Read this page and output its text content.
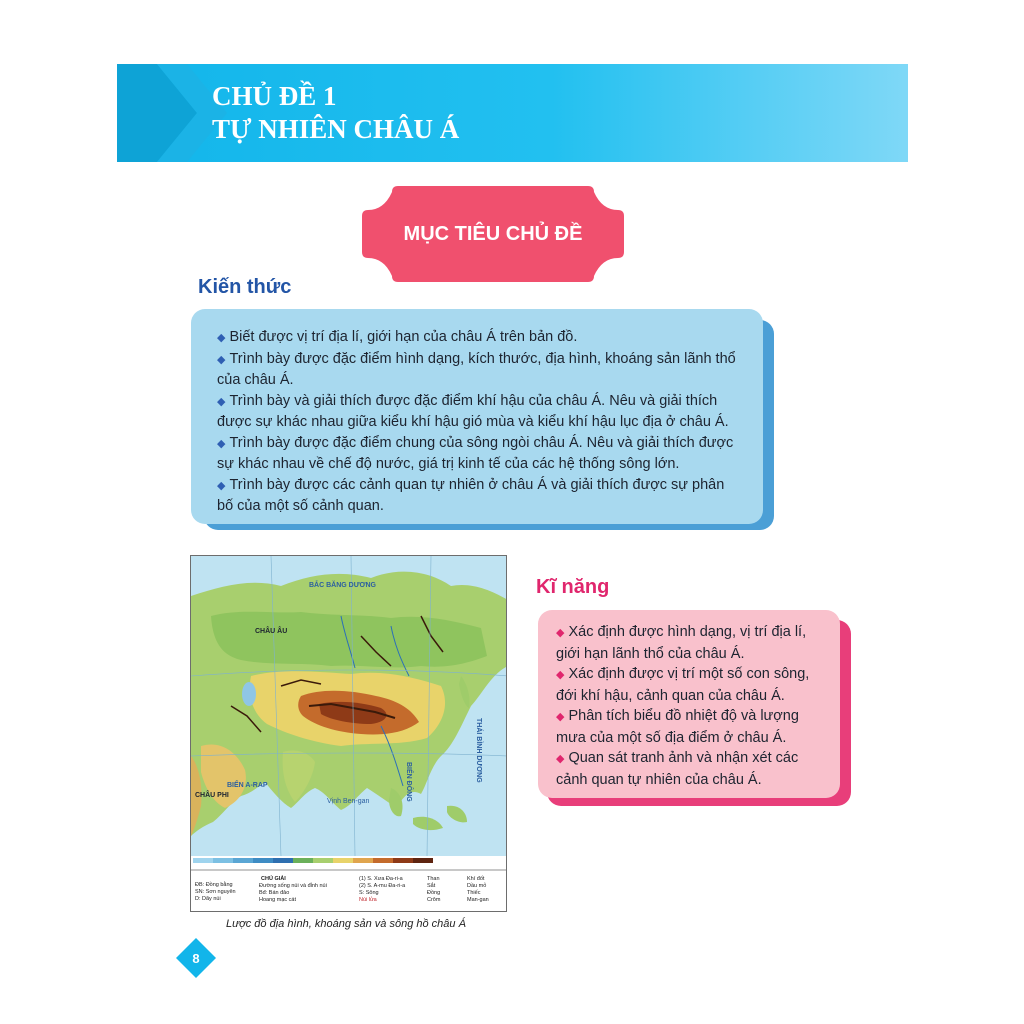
CHỦ ĐỀ 1
TỰ NHIÊN CHÂU Á
MỤC TIÊU CHỦ ĐỀ
Kiến thức

◆ Biết được vị trí địa lí, giới hạn của châu Á trên bản đồ.

◆ Trình bày được đặc điểm hình dạng, kích thước, địa hình, khoáng sản lãnh thổ của châu Á.

◆ Trình bày và giải thích được đặc điểm khí hậu của châu Á. Nêu và giải thích được sự khác nhau giữa kiểu khí hậu gió mùa và kiểu khí hậu lục địa ở châu Á.

◆ Trình bày được đặc điểm chung của sông ngòi châu Á. Nêu và giải thích được sự khác nhau về chế độ nước, giá trị kinh tế của các hệ thống sông lớn.

◆ Trình bày được các cảnh quan tự nhiên ở châu Á và giải thích được sự phân bố của một số cảnh quan.

BẮC BĂNG DƯƠNG
CHÂU ÂU
CHÂU PHI
BIỂN A-RAP
Vịnh Ben-gan
THÁI BÌNH DƯƠNG
BIỂN ĐÔNG
CHÚ GIẢI
ĐB: Đồng bằng
SN: Sơn nguyên
D: Dãy núi
Đường sống núi và đỉnh núi
Bđ: Bán đảo
Hoang mạc cát
(1) S. Xưa Đa-ri-a
(2) S. A-mu Đa-ri-a
S: Sông
Núi lửa
Than
Sắt
Đồng
Crôm
Khí đốt
Dầu mỏ
Thiếc
Man-gan
Lược đồ địa hình, khoáng sản và sông hồ châu Á
Kĩ năng

◆ Xác định được hình dạng, vị trí địa lí, giới hạn lãnh thổ của châu Á.

◆ Xác định được vị trí một số con sông, đới khí hậu, cảnh quan của châu Á.

◆ Phân tích biểu đồ nhiệt độ và lượng mưa của một số địa điểm ở châu Á.

◆ Quan sát tranh ảnh và nhận xét các cảnh quan tự nhiên của châu Á.

8
